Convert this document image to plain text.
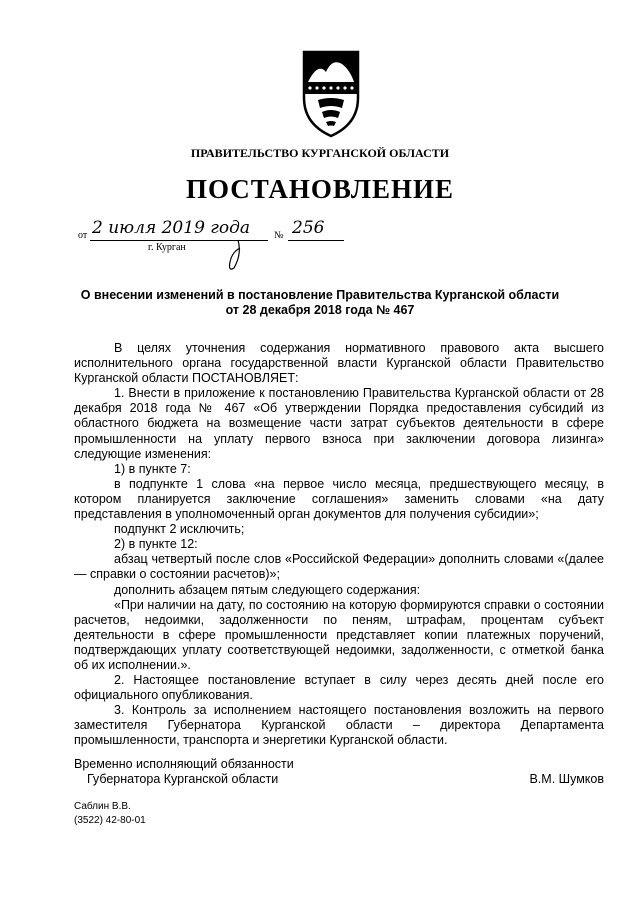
ПРАВИТЕЛЬСТВО КУРГАНСКОЙ ОБЛАСТИ
ПОСТАНОВЛЕНИЕ
от 2 июля 2019 года № 256
г. Курган
О внесении изменений в постановление Правительства Курганской области
от 28 декабря 2018 года № 467

В целях уточнения содержания нормативного правового акта высшего исполнительного органа государственной власти Курганской области Правительство Курганской области ПОСТАНОВЛЯЕТ:

1. Внести в приложение к постановлению Правительства Курганской области от 28 декабря 2018 года № 467 «Об утверждении Порядка предоставления субсидий из областного бюджета на возмещение части затрат субъектов деятельности в сфере промышленности на уплату первого взноса при заключении договора лизинга» следующие изменения:

1) в пункте 7:

в подпункте 1 слова «на первое число месяца, предшествующего месяцу, в котором планируется заключение соглашения» заменить словами «на дату представления в уполномоченный орган документов для получения субсидии»;

подпункт 2 исключить;

2) в пункте 12:

абзац четвертый после слов «Российской Федерации» дополнить словами «(далее — справки о состоянии расчетов)»;

дополнить абзацем пятым следующего содержания:

«При наличии на дату, по состоянию на которую формируются справки о состоянии расчетов, недоимки, задолженности по пеням, штрафам, процентам субъект деятельности в сфере промышленности представляет копии платежных поручений, подтверждающих уплату соответствующей недоимки, задолженности, с отметкой банка об их исполнении.».

2. Настоящее постановление вступает в силу через десять дней после его официального опубликования.

3. Контроль за исполнением настоящего постановления возложить на первого заместителя Губернатора Курганской области – директора Департамента промышленности, транспорта и энергетики Курганской области.

Временно исполняющий обязанности
Губернатора Курганской области	В.М. Шумков
Саблин В.В.
(3522) 42-80-01
